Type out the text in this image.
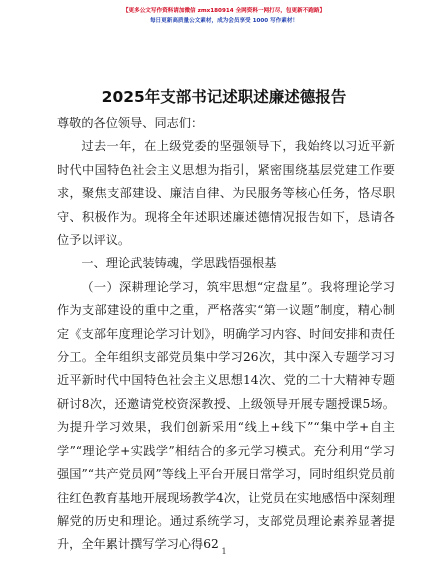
【更多公文写作资料请加微信 zmx180914 全网资料一网打尽，包更新不跑路】
每日更新高质量公文素材，成为会员享受 1000 写作素材！
2025年支部书记述职述廉述德报告

尊敬的各位领导、同志们：

过去一年，在上级党委的坚强领导下，我始终以习近平新时代中国特色社会主义思想为指引，紧密围绕基层党建工作要求，聚焦支部建设、廉洁自律、为民服务等核心任务，恪尽职守、积极作为。现将全年述职述廉述德情况报告如下，恳请各位予以评议。

一、理论武装铸魂，学思践悟强根基

（一）深耕理论学习，筑牢思想“定盘星”。我将理论学习作为支部建设的重中之重，严格落实“第一议题”制度，精心制定《支部年度理论学习计划》，明确学习内容、时间安排和责任分工。全年组织支部党员集中学习26次，其中深入专题学习习近平新时代中国特色社会主义思想14次、党的二十大精神专题研讨8次，还邀请党校资深教授、上级领导开展专题授课5场。为提升学习效果，我们创新采用“线上+线下”“集中学+自主学”“理论学+实践学”相结合的多元学习模式。充分利用“学习强国”“共产党员网”等线上平台开展日常学习，同时组织党员前往红色教育基地开展现场教学4次，让党员在实地感悟中深刻理解党的历史和理论。通过系统学习，支部党员理论素养显著提升，全年累计撰写学习心得62

1
